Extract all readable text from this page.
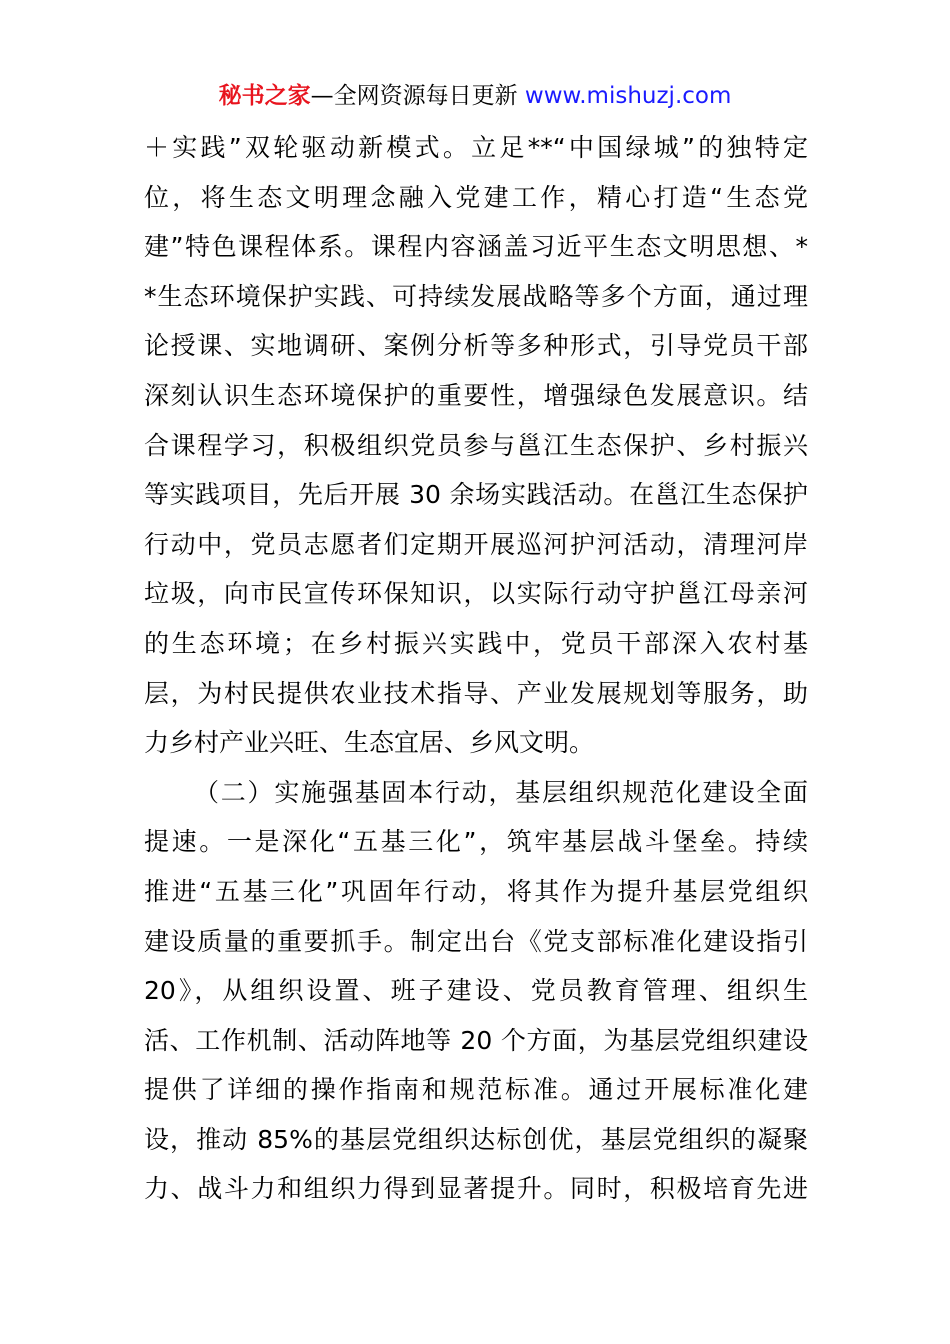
秘书之家—全网资源每日更新 www.mishuzj.com
＋实践”双轮驱动新模式。立足**“中国绿城”的独特定
位，将生态文明理念融入党建工作，精心打造“生态党
建”特色课程体系。课程内容涵盖习近平生态文明思想、*
*生态环境保护实践、可持续发展战略等多个方面，通过理
论授课、实地调研、案例分析等多种形式，引导党员干部
深刻认识生态环境保护的重要性，增强绿色发展意识。结
合课程学习，积极组织党员参与邕江生态保护、乡村振兴
等实践项目，先后开展 30 余场实践活动。在邕江生态保护
行动中，党员志愿者们定期开展巡河护河活动，清理河岸
垃圾，向市民宣传环保知识，以实际行动守护邕江母亲河
的生态环境；在乡村振兴实践中，党员干部深入农村基
层，为村民提供农业技术指导、产业发展规划等服务，助
力乡村产业兴旺、生态宜居、乡风文明。
（二）实施强基固本行动，基层组织规范化建设全面
提速。一是深化“五基三化”，筑牢基层战斗堡垒。持续
推进“五基三化”巩固年行动，将其作为提升基层党组织
建设质量的重要抓手。制定出台《党支部标准化建设指引
20》，从组织设置、班子建设、党员教育管理、组织生
活、工作机制、活动阵地等 20 个方面，为基层党组织建设
提供了详细的操作指南和规范标准。通过开展标准化建
设，推动 85%的基层党组织达标创优，基层党组织的凝聚
力、战斗力和组织力得到显著提升。同时，积极培育先进
